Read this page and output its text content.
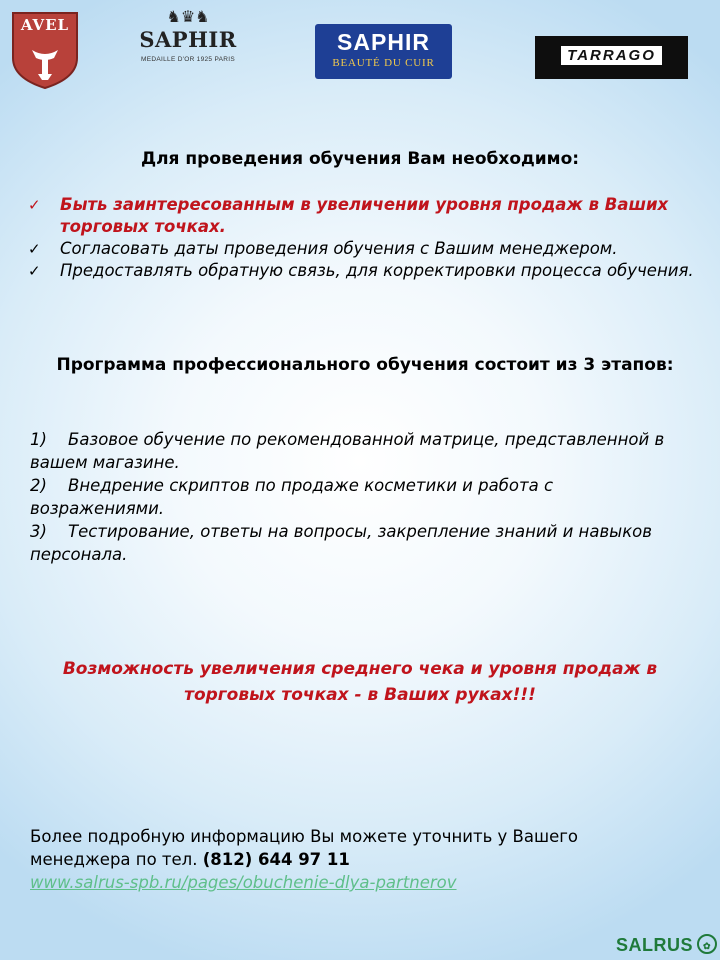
AVEL	♞♛♞
SAPHIR
MEDAILLE D'OR 1925 PARIS
SAPHIR
BEAUTÉ DU CUIR	TARRAGO
Для проведения обучения Вам необходимо:
✓ Быть заинтересованным в увеличении уровня продаж в Ваших торговых точках.
✓ Согласовать даты проведения обучения с Вашим менеджером.
✓ Предоставлять обратную связь, для корректировки процесса обучения.
Программа профессионального обучения состоит из 3 этапов:
1) Базовое обучение по рекомендованной матрице, представленной в вашем магазине.
2) Внедрение скриптов по продаже косметики и работа с возражениями.
3) Тестирование, ответы на вопросы, закрепление знаний и навыков персонала.
Возможность увеличения среднего чека и уровня продаж в торговых точках - в Ваших руках!!!
Более подробную информацию Вы можете уточнить у Вашего менеджера по тел. (812) 644 97 11
www.salrus-spb.ru/pages/obuchenie-dlya-partnerov
SALRUS ✿
